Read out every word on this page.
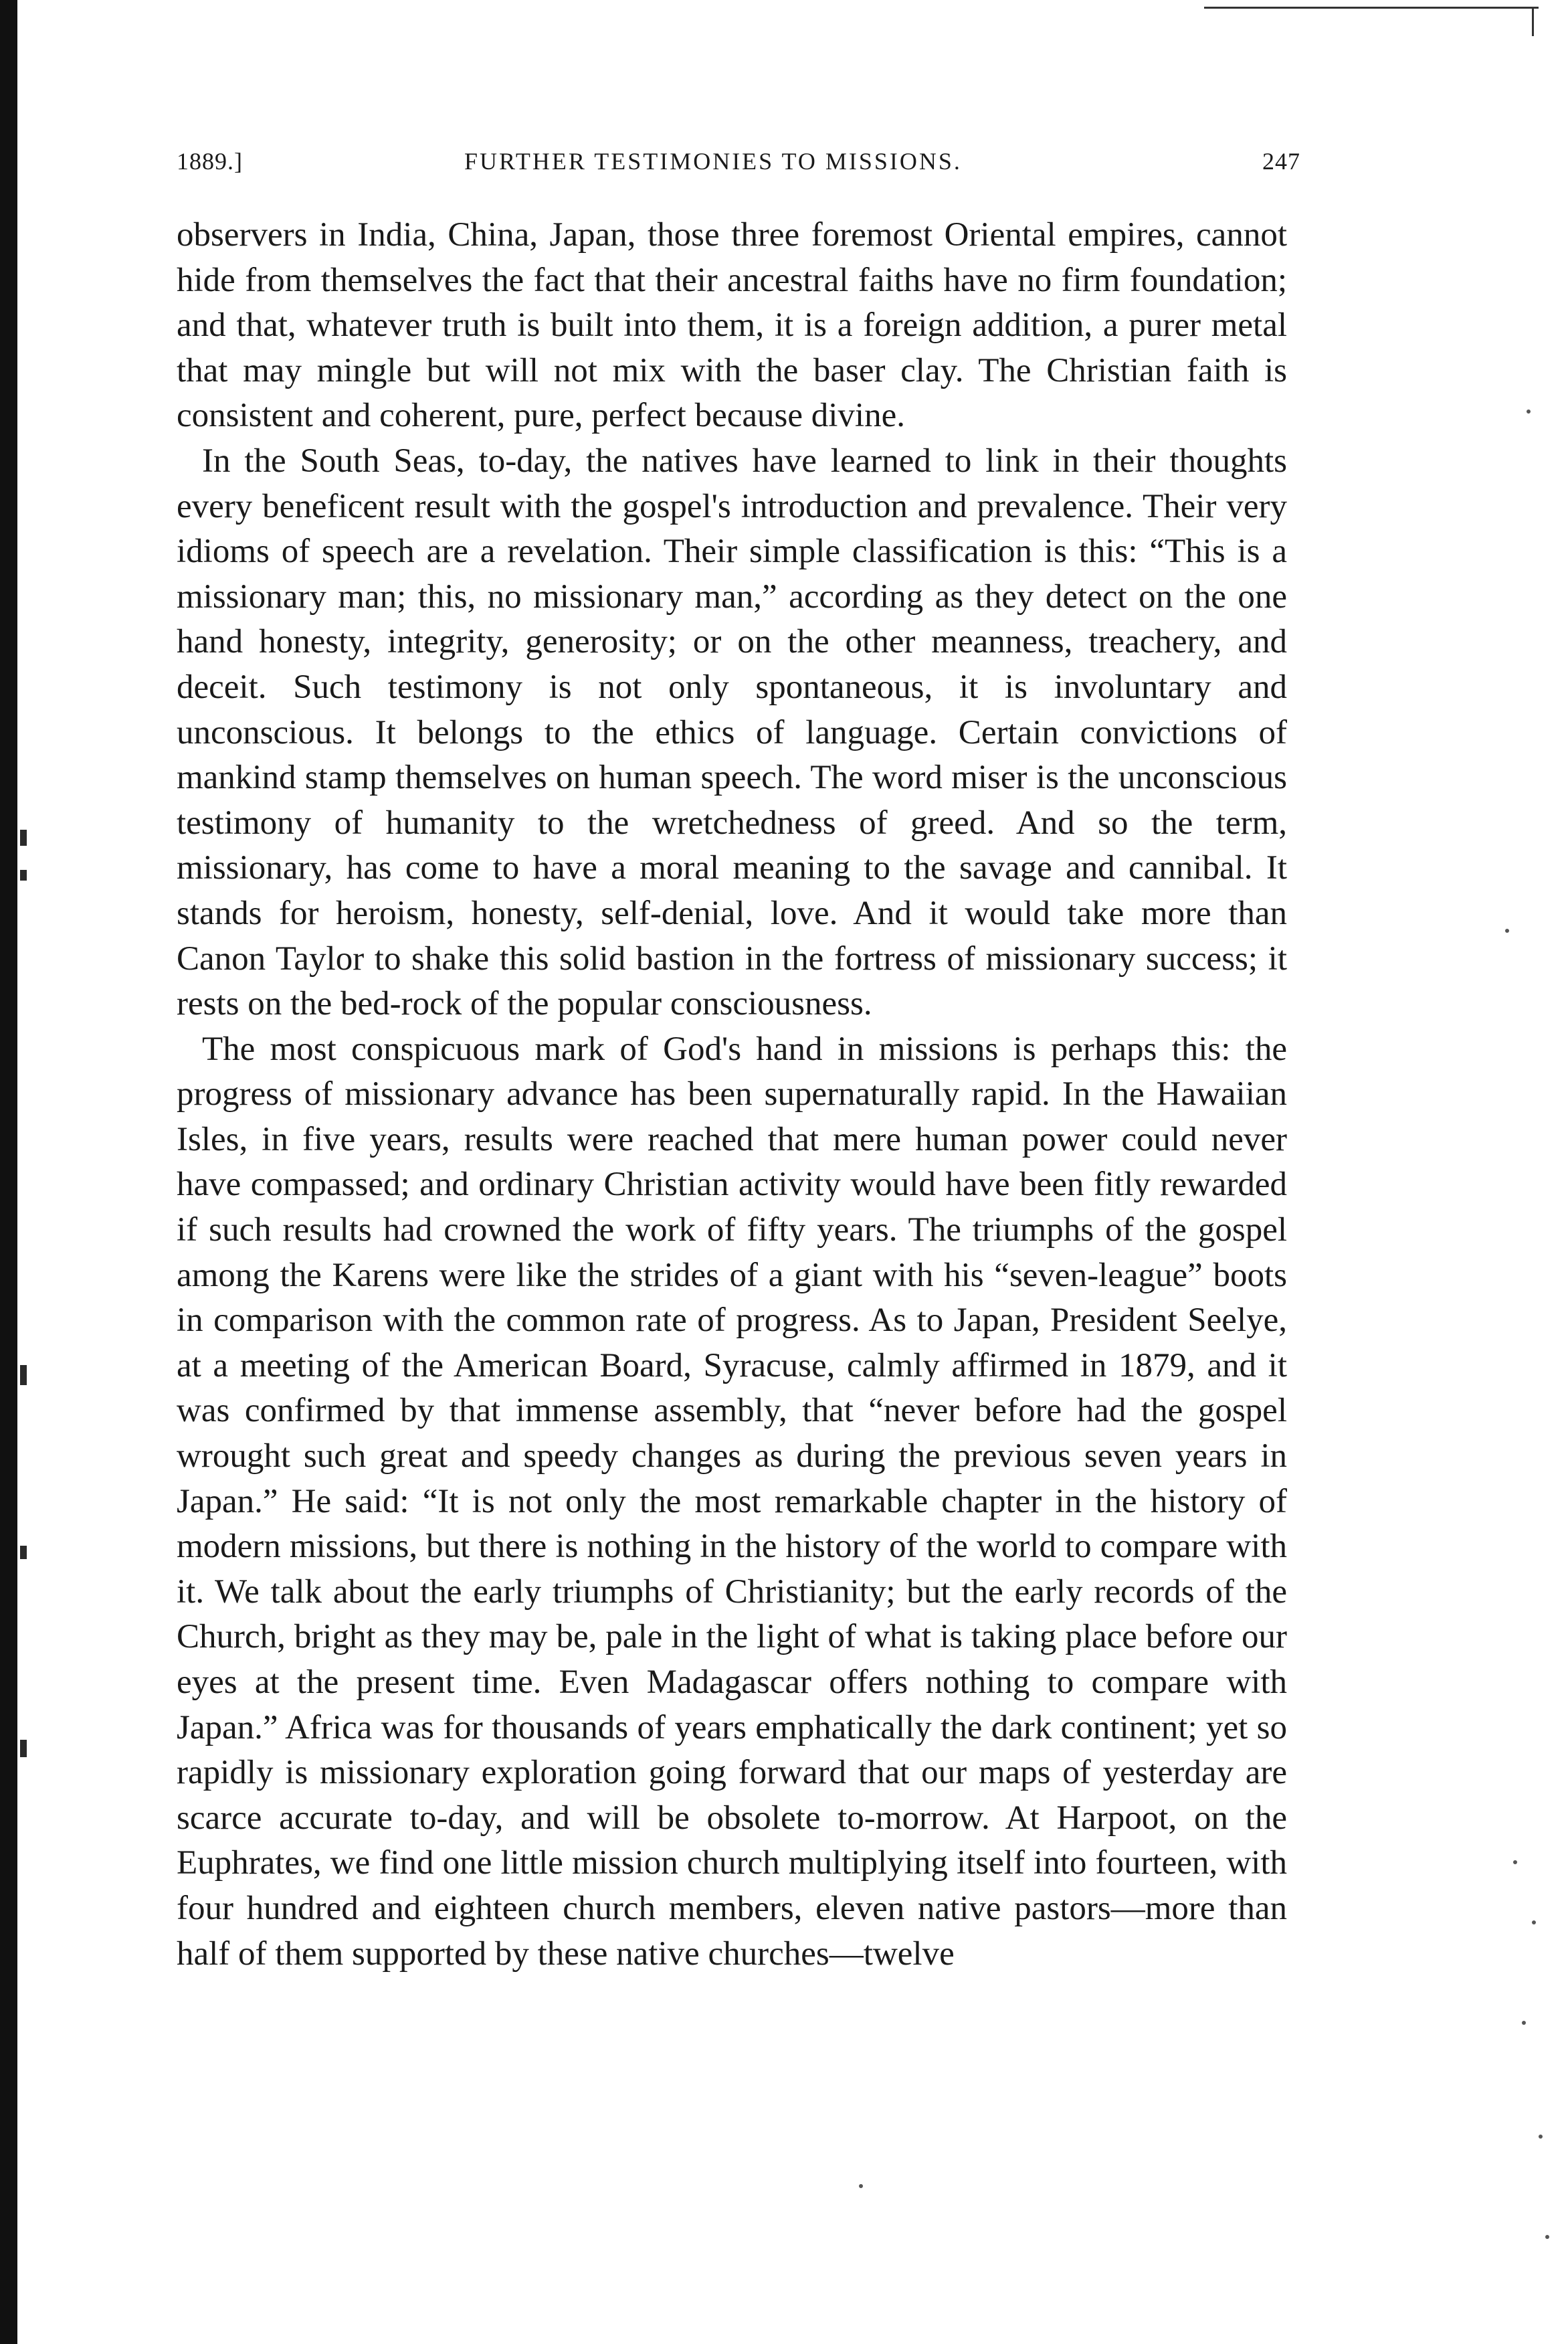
1889.]	FURTHER TESTIMONIES TO MISSIONS.	247

observers in India, China, Japan, those three foremost Oriental empires, cannot hide from themselves the fact that their ancestral faiths have no firm foundation; and that, whatever truth is built into them, it is a foreign addition, a purer metal that may mingle but will not mix with the baser clay. The Christian faith is consistent and coherent, pure, perfect because divine.

In the South Seas, to-day, the natives have learned to link in their thoughts every beneficent result with the gospel's introduction and prevalence. Their very idioms of speech are a revelation. Their simple classification is this: “This is a missionary man; this, no missionary man,” according as they detect on the one hand honesty, integrity, generosity; or on the other meanness, treachery, and deceit. Such testimony is not only spontaneous, it is involuntary and unconscious. It belongs to the ethics of language. Certain convictions of mankind stamp themselves on human speech. The word miser is the unconscious testimony of humanity to the wretchedness of greed. And so the term, missionary, has come to have a moral meaning to the savage and cannibal. It stands for heroism, honesty, self-denial, love. And it would take more than Canon Taylor to shake this solid bastion in the fortress of missionary success; it rests on the bed-rock of the popular consciousness.

The most conspicuous mark of God's hand in missions is perhaps this: the progress of missionary advance has been supernaturally rapid. In the Hawaiian Isles, in five years, results were reached that mere human power could never have compassed; and ordinary Christian activity would have been fitly rewarded if such results had crowned the work of fifty years. The triumphs of the gospel among the Karens were like the strides of a giant with his “seven-league” boots in comparison with the common rate of progress. As to Japan, President Seelye, at a meeting of the American Board, Syracuse, calmly affirmed in 1879, and it was confirmed by that immense assembly, that “never before had the gospel wrought such great and speedy changes as during the previous seven years in Japan.” He said: “It is not only the most remarkable chapter in the history of modern missions, but there is nothing in the history of the world to compare with it. We talk about the early triumphs of Christianity; but the early records of the Church, bright as they may be, pale in the light of what is taking place before our eyes at the present time. Even Madagascar offers nothing to compare with Japan.” Africa was for thousands of years emphatically the dark continent; yet so rapidly is missionary exploration going forward that our maps of yesterday are scarce accurate to-day, and will be obsolete to-morrow. At Harpoot, on the Euphrates, we find one little mission church multiplying itself into fourteen, with four hundred and eighteen church members, eleven native pastors—more than half of them supported by these native churches—twelve
